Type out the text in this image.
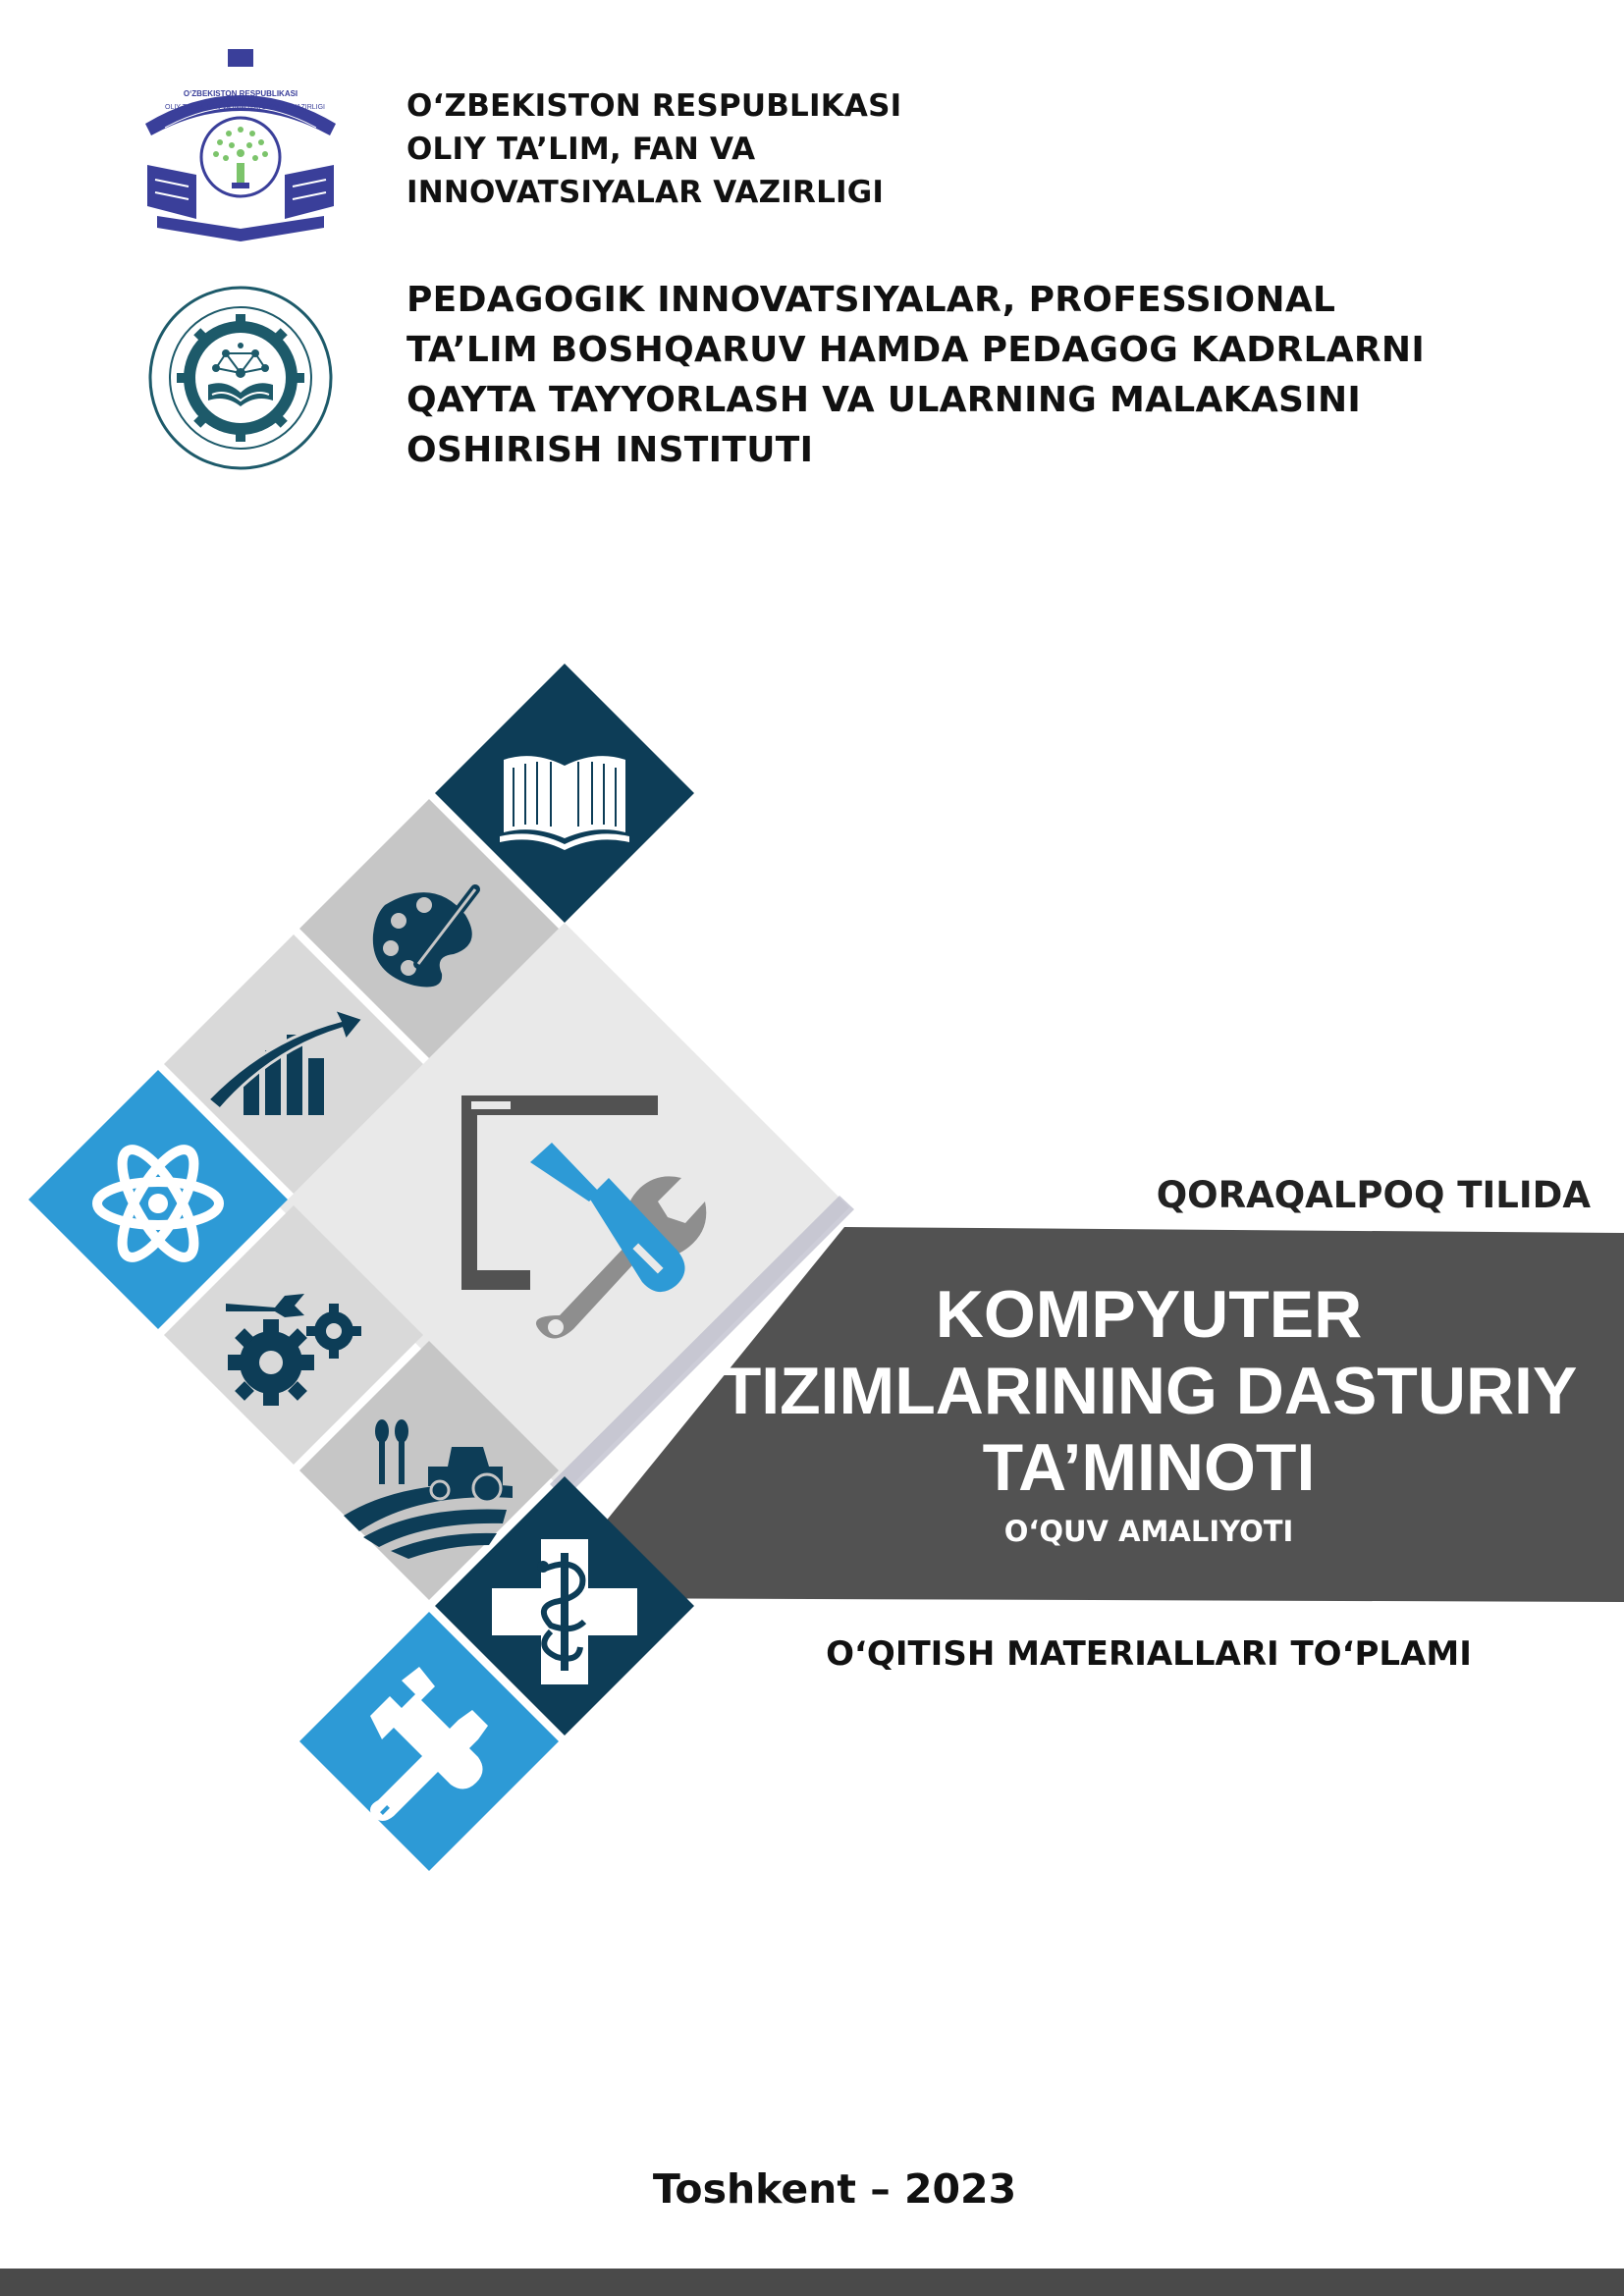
O‘ZBEKISTON RESPUBLIKASI
OLIY TA’LIM, FAN VA INNOVATSIYALAR VAZIRLIGI	O‘ZBEKISTON RESPUBLIKASI
OLIY TA’LIM, FAN VA
INNOVATSIYALAR VAZIRLIGI
PEDAGOGIK INNOVATSIYALAR, PROFESSIONAL
TA’LIM BOSHQARUV HAMDA PEDAGOG KADRLARNI
QAYTA TAYYORLASH VA ULARNING MALAKASINI
OSHIRISH INSTITUTI
QORAQALPOQ TILIDA
KOMPYUTER
TIZIMLARINING DASTURIY
TA’MINOTI
O‘QUV AMALIYOTI
O‘QITISH MATERIALLARI TO‘PLAMI
Toshkent – 2023
